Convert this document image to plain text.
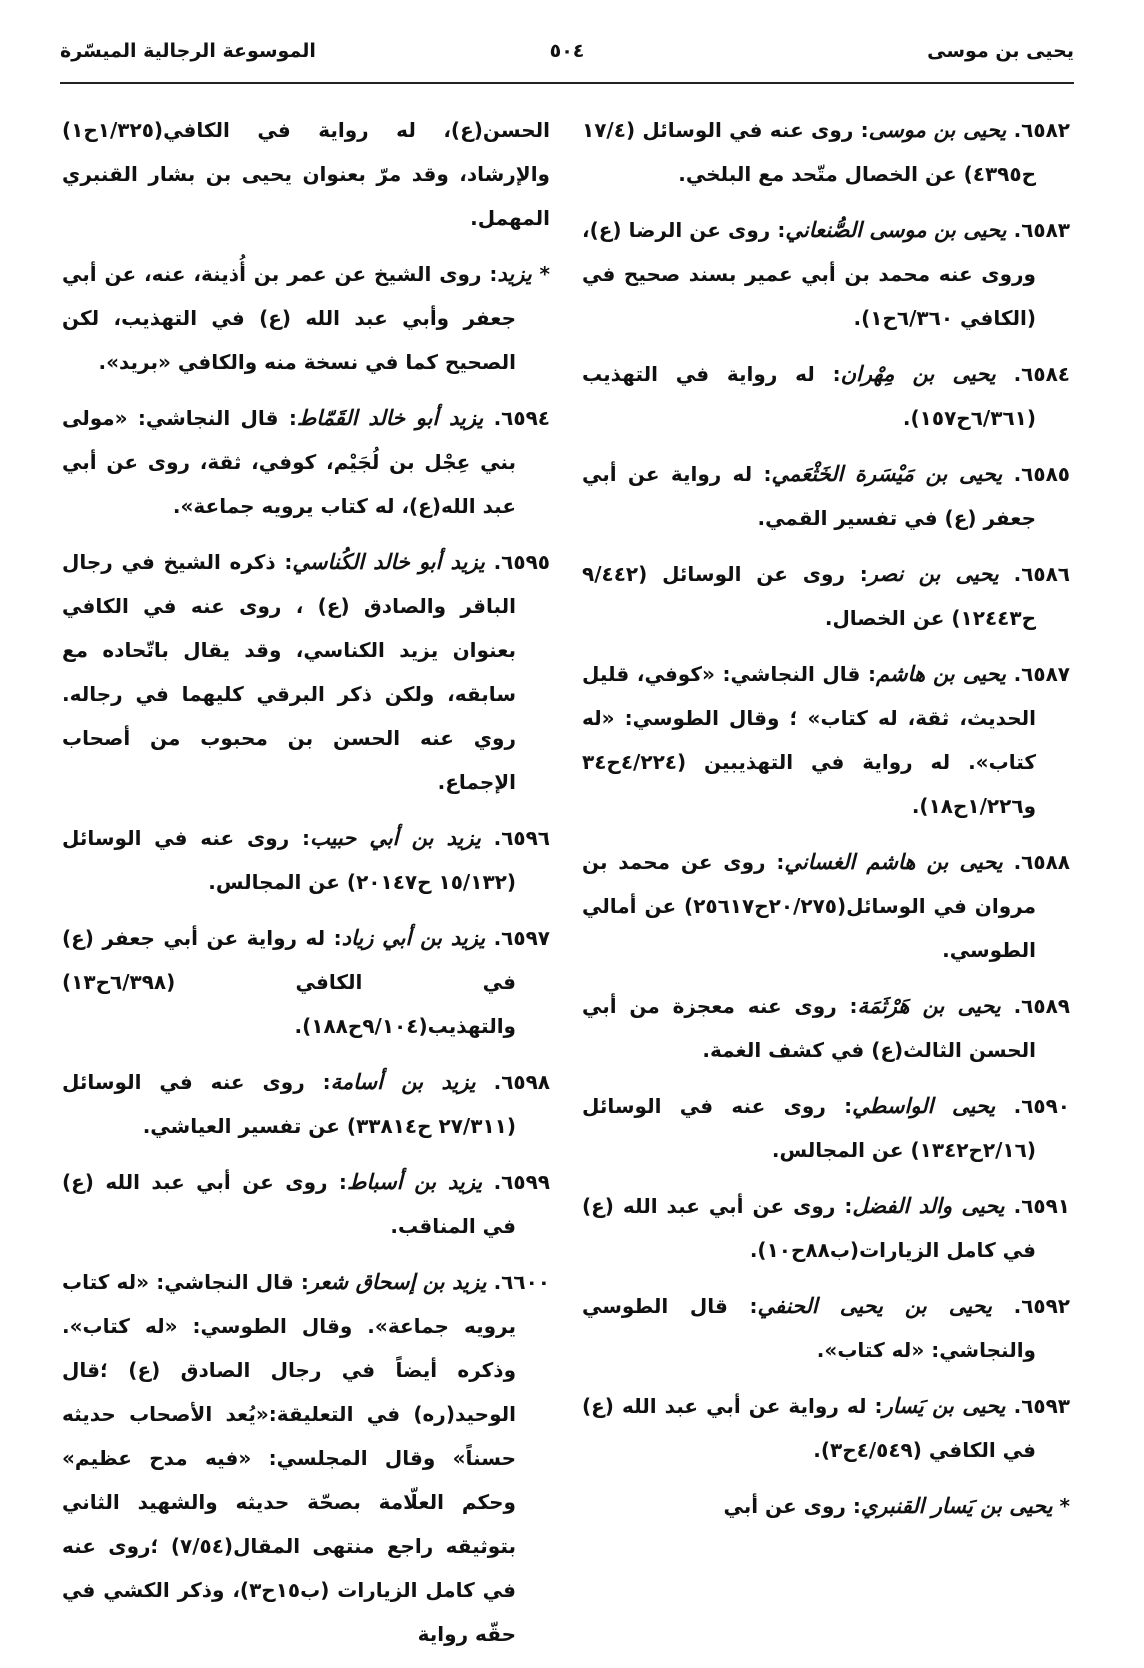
يحيى بن موسى
٥٠٤
الموسوعة الرجالية الميسّرة

٦٥٨٢. يحيى بن موسى: روى عنه في الوسائل (١٧/٤ ح٤٣٩٥) عن الخصال متّحد مع البلخي.

٦٥٨٣. يحيى بن موسى الصُّنعاني: روى عن الرضا (ع)، وروى عنه محمد بن أبي عمير بسند صحيح في (الكافي ٦/٣٦٠ح١).

٦٥٨٤. يحيى بن مِهْران: له رواية في التهذيب (٦/٣٦١ح١٥٧).

٦٥٨٥. يحيى بن مَيْسَرة الخَثْعَمي: له رواية عن أبي جعفر (ع) في تفسير القمي.

٦٥٨٦. يحيى بن نصر: روى عن الوسائل (٩/٤٤٢ ح١٢٤٤٣) عن الخصال.

٦٥٨٧. يحيى بن هاشم: قال النجاشي: «كوفي، قليل الحديث، ثقة، له كتاب» ؛ وقال الطوسي: «له كتاب». له رواية في التهذيبين (٤/٢٢٤ح٣٤ و١/٢٢٦ح١٨).

٦٥٨٨. يحيى بن هاشم الغساني: روى عن محمد بن مروان في الوسائل(٢٠/٢٧٥ح٢٥٦١٧) عن أمالي الطوسي.

٦٥٨٩. يحيى بن هَرْثَمَة: روى عنه معجزة من أبي الحسن الثالث(ع) في كشف الغمة.

٦٥٩٠. يحيى الواسطي: روى عنه في الوسائل (٢/١٦ح١٣٤٢) عن المجالس.

٦٥٩١. يحيى والد الفضل: روى عن أبي عبد الله (ع) في كامل الزيارات(ب٨٨ح١٠).

٦٥٩٢. يحيى بن يحيى الحنفي: قال الطوسي والنجاشي: «له كتاب».

٦٥٩٣. يحيى بن يَسار: له رواية عن أبي عبد الله (ع) في الكافي (٤/٥٤٩ح٣).

* يحيى بن يَسار القنبري: روى عن أبي

الحسن(ع)، له رواية في الكافي(١/٣٢٥ح١) والإرشاد، وقد مرّ بعنوان يحيى بن بشار القنبري المهمل.

* يزيد: روى الشيخ عن عمر بن أُذينة، عنه، عن أبي جعفر وأبي عبد الله (ع) في التهذيب، لكن الصحيح كما في نسخة منه والكافي «بريد».

٦٥٩٤. يزيد أبو خالد القَمّاط: قال النجاشي: «مولى بني عِجْل بن لُجَيْم، كوفي، ثقة، روى عن أبي عبد الله(ع)، له كتاب يرويه جماعة».

٦٥٩٥. يزيد أبو خالد الكُناسي: ذكره الشيخ في رجال الباقر والصادق (ع) ، روى عنه في الكافي بعنوان يزيد الكناسي، وقد يقال باتّحاده مع سابقه، ولكن ذكر البرقي كليهما في رجاله. روي عنه الحسن بن محبوب من أصحاب الإجماع.

٦٥٩٦. يزيد بن أبي حبيب: روى عنه في الوسائل (١٥/١٣٢ ح٢٠١٤٧) عن المجالس.

٦٥٩٧. يزيد بن أبي زياد: له رواية عن أبي جعفر (ع) في الكافي (٦/٣٩٨ح١٣) والتهذيب(٩/١٠٤ح١٨٨).

٦٥٩٨. يزيد بن أسامة: روى عنه في الوسائل (٢٧/٣١١ ح٣٣٨١٤) عن تفسير العياشي.

٦٥٩٩. يزيد بن أسباط: روى عن أبي عبد الله (ع) في المناقب.

٦٦٠٠. يزيد بن إسحاق شعر: قال النجاشي: «له كتاب يرويه جماعة». وقال الطوسي: «له كتاب». وذكره أيضاً في رجال الصادق (ع) ؛قال الوحيد(ره) في التعليقة:«يُعد الأصحاب حديثه حسناً» وقال المجلسي: «فيه مدح عظيم» وحكم العلّامة بصحّة حديثه والشهيد الثاني بتوثيقه راجع منتهى المقال(٧/٥٤) ؛روى عنه في كامل الزيارات (ب١٥ح٣)، وذكر الكشي في حقّه رواية
